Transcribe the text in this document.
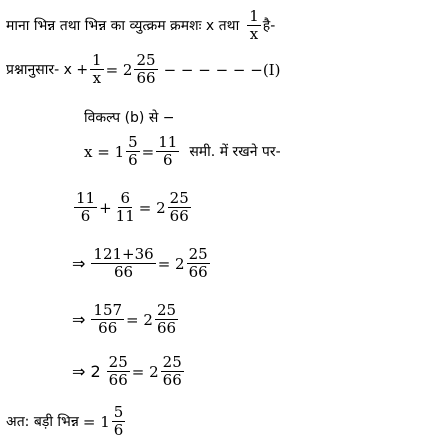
माना भिन्न तथा भिन्न का व्युत्क्रम क्रमशः x तथा $\frac{1}{x}$ है-
प्रश्नानुसार- $x + \frac{1}{x} = 2 \frac{25}{66}$ − − − − − −(I)
विकल्प (b) से −
$x = 1 \frac{5}{6} = \frac{11}{6}$ समी. में रखने पर-
$\frac{11}{6} + \frac{6}{11} = 2 \frac{25}{66}$
⇒ $\frac{121+36}{66} = 2 \frac{25}{66}$
⇒ $\frac{157}{66} = 2 \frac{25}{66}$
⇒ $2 \frac{25}{66} = 2 \frac{25}{66}$
अत: बड़ी भिन्न = $1 \frac{5}{6}$
